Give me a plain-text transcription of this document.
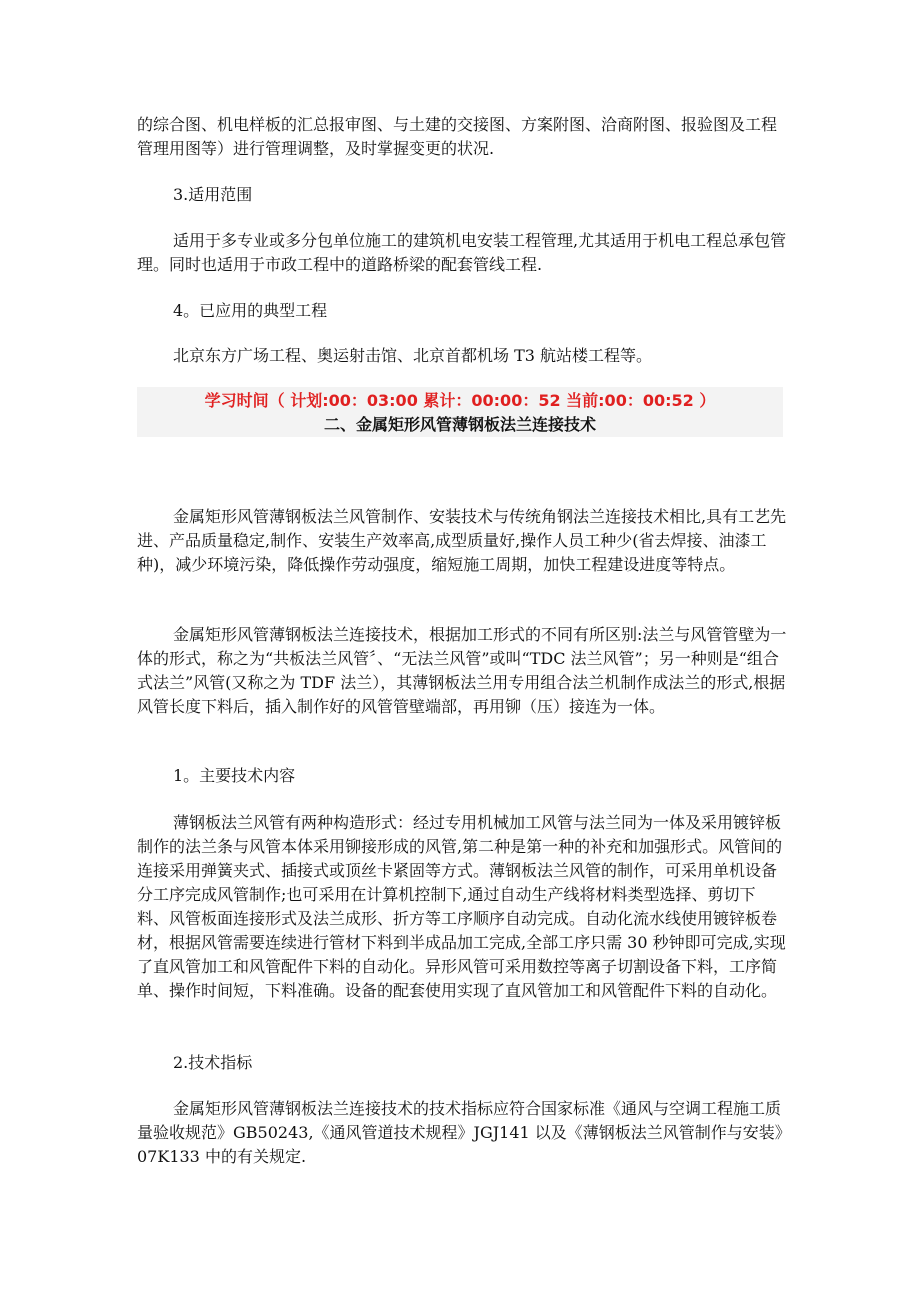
的综合图、机电样板的汇总报审图、与土建的交接图、方案附图、洽商附图、报验图及工程管理用图等）进行管理调整，及时掌握变更的状况.

3.适用范围

适用于多专业或多分包单位施工的建筑机电安装工程管理,尤其适用于机电工程总承包管理。同时也适用于市政工程中的道路桥梁的配套管线工程.

4。已应用的典型工程

北京东方广场工程、奥运射击馆、北京首都机场 T3 航站楼工程等。

学习时间（ 计划:00：03:00 累计：00:00：52 当前:00：00:52 ）

二、金属矩形风管薄钢板法兰连接技术

金属矩形风管薄钢板法兰风管制作、安装技术与传统角钢法兰连接技术相比,具有工艺先进、产品质量稳定,制作、安装生产效率高,成型质量好,操作人员工种少(省去焊接、油漆工种)，减少环境污染，降低操作劳动强度，缩短施工周期，加快工程建设进度等特点。

金属矩形风管薄钢板法兰连接技术，根据加工形式的不同有所区别:法兰与风管管壁为一体的形式，称之为“共板法兰风管〞、“无法兰风管”或叫“TDC 法兰风管”；另一种则是“组合式法兰”风管(又称之为 TDF 法兰），其薄钢板法兰用专用组合法兰机制作成法兰的形式,根据风管长度下料后，插入制作好的风管管壁端部，再用铆（压）接连为一体。

1。主要技术内容

薄钢板法兰风管有两种构造形式：经过专用机械加工风管与法兰同为一体及采用镀锌板制作的法兰条与风管本体采用铆接形成的风管,第二种是第一种的补充和加强形式。风管间的连接采用弹簧夹式、插接式或顶丝卡紧固等方式。薄钢板法兰风管的制作，可采用单机设备分工序完成风管制作;也可采用在计算机控制下,通过自动生产线将材料类型选择、剪切下料、风管板面连接形式及法兰成形、折方等工序顺序自动完成。自动化流水线使用镀锌板卷材，根据风管需要连续进行管材下料到半成品加工完成,全部工序只需 30 秒钟即可完成,实现了直风管加工和风管配件下料的自动化。异形风管可采用数控等离子切割设备下料，工序简单、操作时间短，下料准确。设备的配套使用实现了直风管加工和风管配件下料的自动化。

2.技术指标

金属矩形风管薄钢板法兰连接技术的技术指标应符合国家标准《通风与空调工程施工质量验收规范》GB50243,《通风管道技术规程》JGJ141 以及《薄钢板法兰风管制作与安装》07K133 中的有关规定.
